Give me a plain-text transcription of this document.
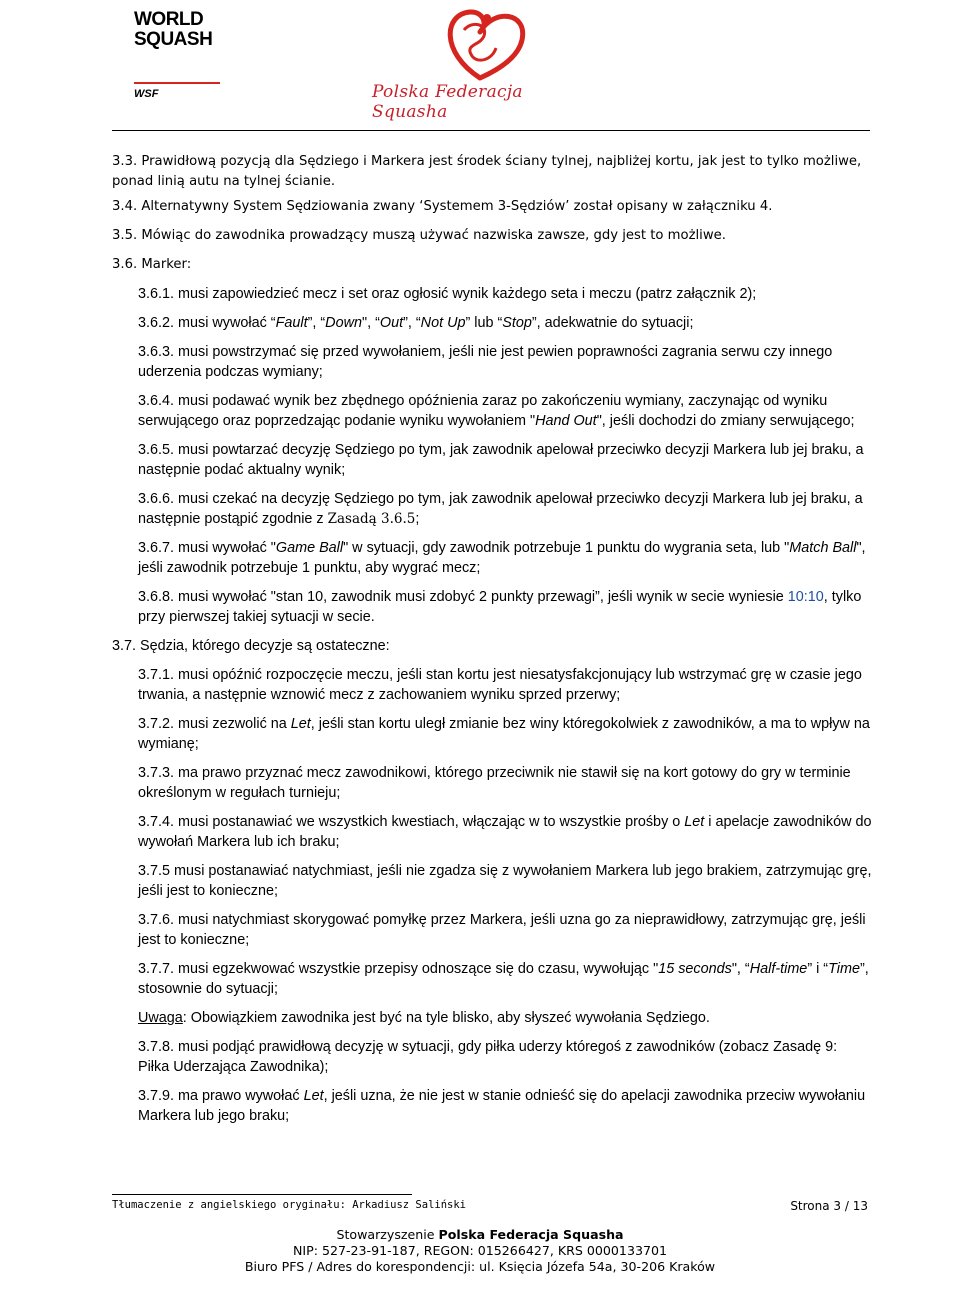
WORLD
SQUASH
WSF	Polska Federacja Squasha

3.3. Prawidłową pozycją dla Sędziego i Markera jest środek ściany tylnej, najbliżej kortu, jak jest to tylko możliwe, ponad linią autu na tylnej ścianie.

3.4. Alternatywny System Sędziowania zwany ‘Systemem 3-Sędziów’ został opisany w załączniku 4.

3.5. Mówiąc do zawodnika prowadzący muszą używać nazwiska zawsze, gdy jest to możliwe.

3.6. Marker:

3.6.1. musi zapowiedzieć mecz i set oraz ogłosić wynik każdego seta i meczu (patrz załącznik 2);

3.6.2. musi wywołać “Fault”, “Down", “Out”, “Not Up” lub “Stop”, adekwatnie do sytuacji;

3.6.3. musi powstrzymać się przed wywołaniem, jeśli nie jest pewien poprawności zagrania serwu czy innego uderzenia podczas wymiany;

3.6.4. musi podawać wynik bez zbędnego opóźnienia zaraz po zakończeniu wymiany, zaczynając od wyniku serwującego oraz poprzedzając podanie wyniku wywołaniem "Hand Out", jeśli dochodzi do zmiany serwującego;

3.6.5. musi powtarzać decyzję Sędziego po tym, jak zawodnik apelował przeciwko decyzji Markera lub jej braku, a następnie podać aktualny wynik;

3.6.6. musi czekać na decyzję Sędziego po tym, jak zawodnik apelował przeciwko decyzji Markera lub jej braku, a następnie postąpić zgodnie z Zasadą 3.6.5;

3.6.7. musi wywołać "Game Ball" w sytuacji, gdy zawodnik potrzebuje 1 punktu do wygrania seta, lub "Match Ball", jeśli zawodnik potrzebuje 1 punktu, aby wygrać mecz;

3.6.8. musi wywołać "stan 10, zawodnik musi zdobyć 2 punkty przewagi”, jeśli wynik w secie wyniesie 10:10, tylko przy pierwszej takiej sytuacji w secie.

3.7. Sędzia, którego decyzje są ostateczne:

3.7.1. musi opóźnić rozpoczęcie meczu, jeśli stan kortu jest niesatysfakcjonujący lub wstrzymać grę w czasie jego trwania, a następnie wznowić mecz z zachowaniem wyniku sprzed przerwy;

3.7.2. musi zezwolić na Let, jeśli stan kortu uległ zmianie bez winy któregokolwiek z zawodników, a ma to wpływ na wymianę;

3.7.3. ma prawo przyznać mecz zawodnikowi, którego przeciwnik nie stawił się na kort gotowy do gry w terminie określonym w regułach turnieju;

3.7.4. musi postanawiać we wszystkich kwestiach, włączając w to wszystkie prośby o Let i apelacje zawodników do wywołań Markera lub ich braku;

3.7.5 musi postanawiać natychmiast, jeśli nie zgadza się z wywołaniem Markera lub jego brakiem, zatrzymując grę, jeśli jest to konieczne;

3.7.6. musi natychmiast skorygować pomyłkę przez Markera, jeśli uzna go za nieprawidłowy, zatrzymując grę, jeśli jest to konieczne;

3.7.7. musi egzekwować wszystkie przepisy odnoszące się do czasu, wywołując "15 seconds", “Half-time” i “Time”, stosownie do sytuacji;

Uwaga: Obowiązkiem zawodnika jest być na tyle blisko, aby słyszeć wywołania Sędziego.

3.7.8. musi podjąć prawidłową decyzję w sytuacji, gdy piłka uderzy któregoś z zawodników (zobacz Zasadę 9: Piłka Uderzająca Zawodnika);

3.7.9. ma prawo wywołać Let, jeśli uzna, że nie jest w stanie odnieść się do apelacji zawodnika przeciw wywołaniu Markera lub jego braku;

Tłumaczenie z angielskiego oryginału: Arkadiusz Saliński	Strona 3 / 13
Stowarzyszenie Polska Federacja Squasha
NIP: 527-23-91-187, REGON: 015266427, KRS 0000133701
Biuro PFS / Adres do korespondencji: ul. Księcia Józefa 54a, 30-206 Kraków
